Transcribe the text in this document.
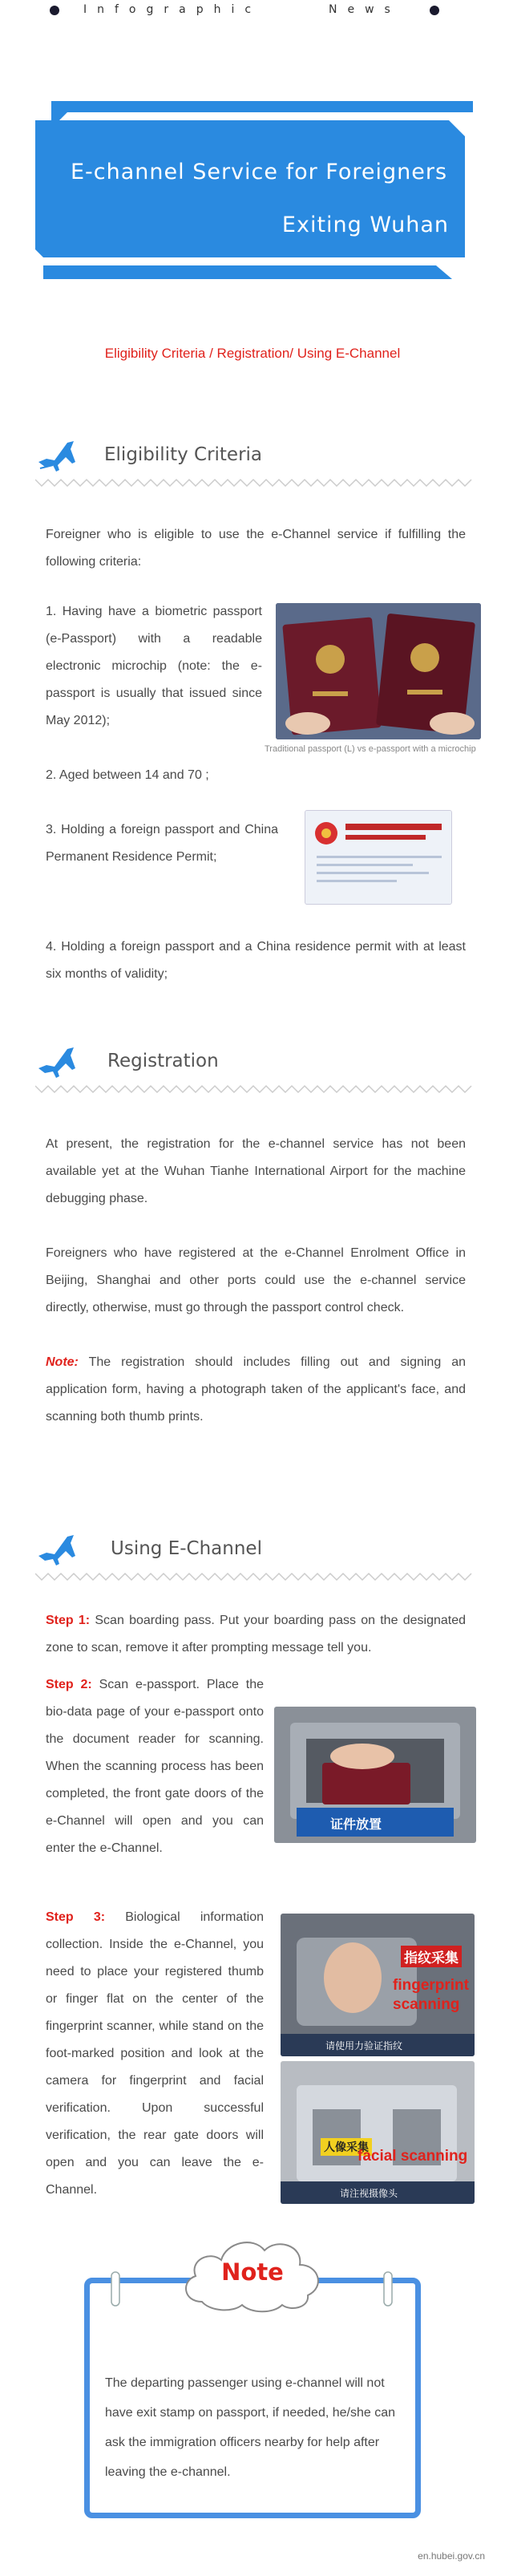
Infographic	News
E-channel Service for Foreigners
Exiting Wuhan
Eligibility Criteria / Registration/ Using E-Channel
Eligibility Criteria
Foreigner who is eligible to use the e-Channel service if fulfilling the following criteria:
1. Having have a biometric passport (e-Passport) with a readable electronic microchip (note: the e-passport is usually that issued since May 2012);
Traditional passport (L) vs e-passport with a microchip
2. Aged between 14 and 70 ;
3. Holding a foreign passport and China Permanent Residence Permit;
4. Holding a foreign passport and a China residence permit with at least six months of validity;
Registration
At present, the registration for the e-channel service has not been available yet at the Wuhan Tianhe International Airport for the machine debugging phase.
Foreigners who have registered at the e-Channel Enrolment Office in Beijing, Shanghai and other ports could use the e-channel service directly, otherwise, must go through the passport control check.
Note: The registration should includes filling out and signing an application form, having a photograph taken of the applicant's face, and scanning both thumb prints.
Using E-Channel
Step 1: Scan boarding pass. Put your boarding pass on the designated zone to scan, remove it after prompting message tell you.
Step 2: Scan e-passport. Place the bio-data page of your e-passport onto the document reader for scanning. When the scanning process has been completed, the front gate doors of the e-Channel will open and you can enter the e-Channel.
证件放置
Step 3: Biological information collection. Inside the e-Channel, you need to place your registered thumb or finger flat on the center of the fingerprint scanner, while stand on the foot-marked position and look at the camera for fingerprint and facial verification. Upon successful verification, the rear gate doors will open and you can leave the e-Channel.
指纹采集
fingerprint scanning
请使用力验证指纹
人像采集
facial scanning
请注视摄像头
Note
The departing passenger using e-channel will not have exit stamp on passport, if needed, he/she can ask the immigration officers nearby for help after leaving the e-channel.
en.hubei.gov.cn
